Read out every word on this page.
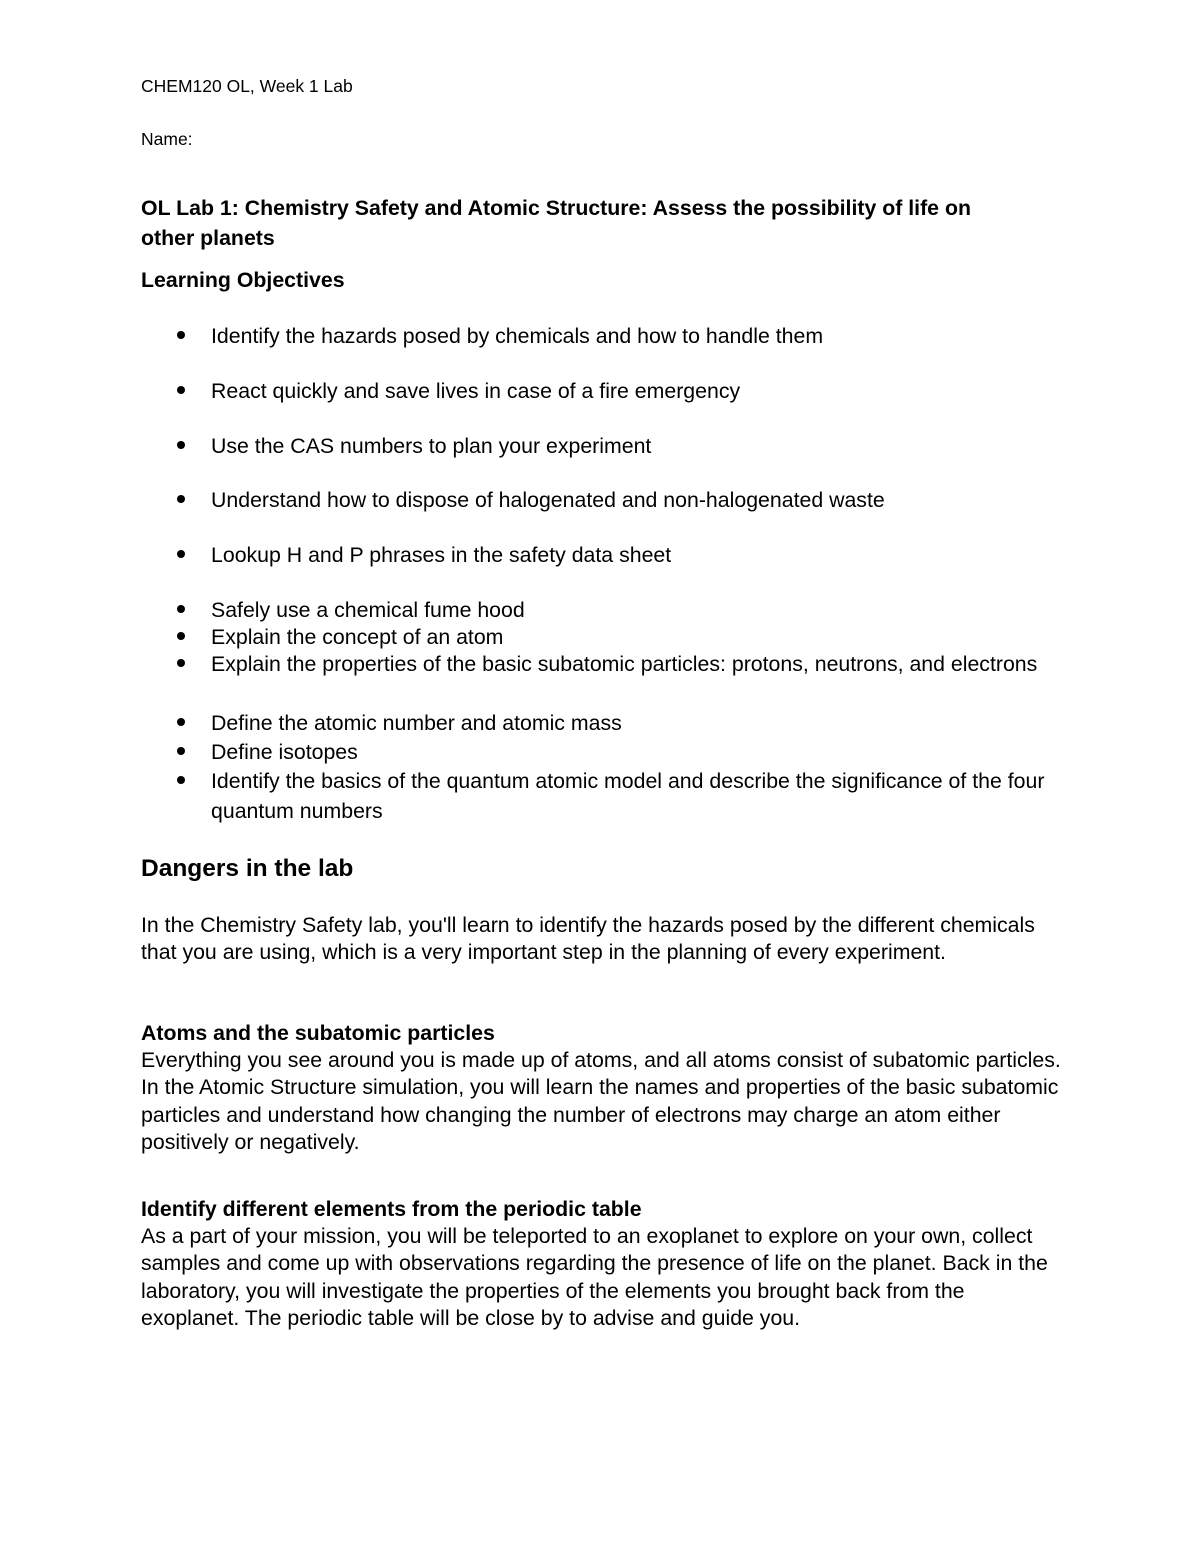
CHEM120 OL, Week 1 Lab

Name:

OL Lab 1: Chemistry Safety and Atomic Structure: Assess the possibility of life on

other planets

Learning Objectives

Identify the hazards posed by chemicals and how to handle them
React quickly and save lives in case of a fire emergency
Use the CAS numbers to plan your experiment
Understand how to dispose of halogenated and non-halogenated waste
Lookup H and P phrases in the safety data sheet
Safely use a chemical fume hood
Explain the concept of an atom
Explain the properties of the basic subatomic particles: protons, neutrons, and electrons
Define the atomic number and atomic mass
Define isotopes
Identify the basics of the quantum atomic model and describe the significance of the four quantum numbers

Dangers in the lab

In the Chemistry Safety lab, you'll learn to identify the hazards posed by the different chemicals that you are using, which is a very important step in the planning of every experiment.

Atoms and the subatomic particles

Everything you see around you is made up of atoms, and all atoms consist of subatomic particles. In the Atomic Structure simulation, you will learn the names and properties of the basic subatomic particles and understand how changing the number of electrons may charge an atom either positively or negatively.

Identify different elements from the periodic table

As a part of your mission, you will be teleported to an exoplanet to explore on your own, collect samples and come up with observations regarding the presence of life on the planet. Back in the laboratory, you will investigate the properties of the elements you brought back from the exoplanet. The periodic table will be close by to advise and guide you.
